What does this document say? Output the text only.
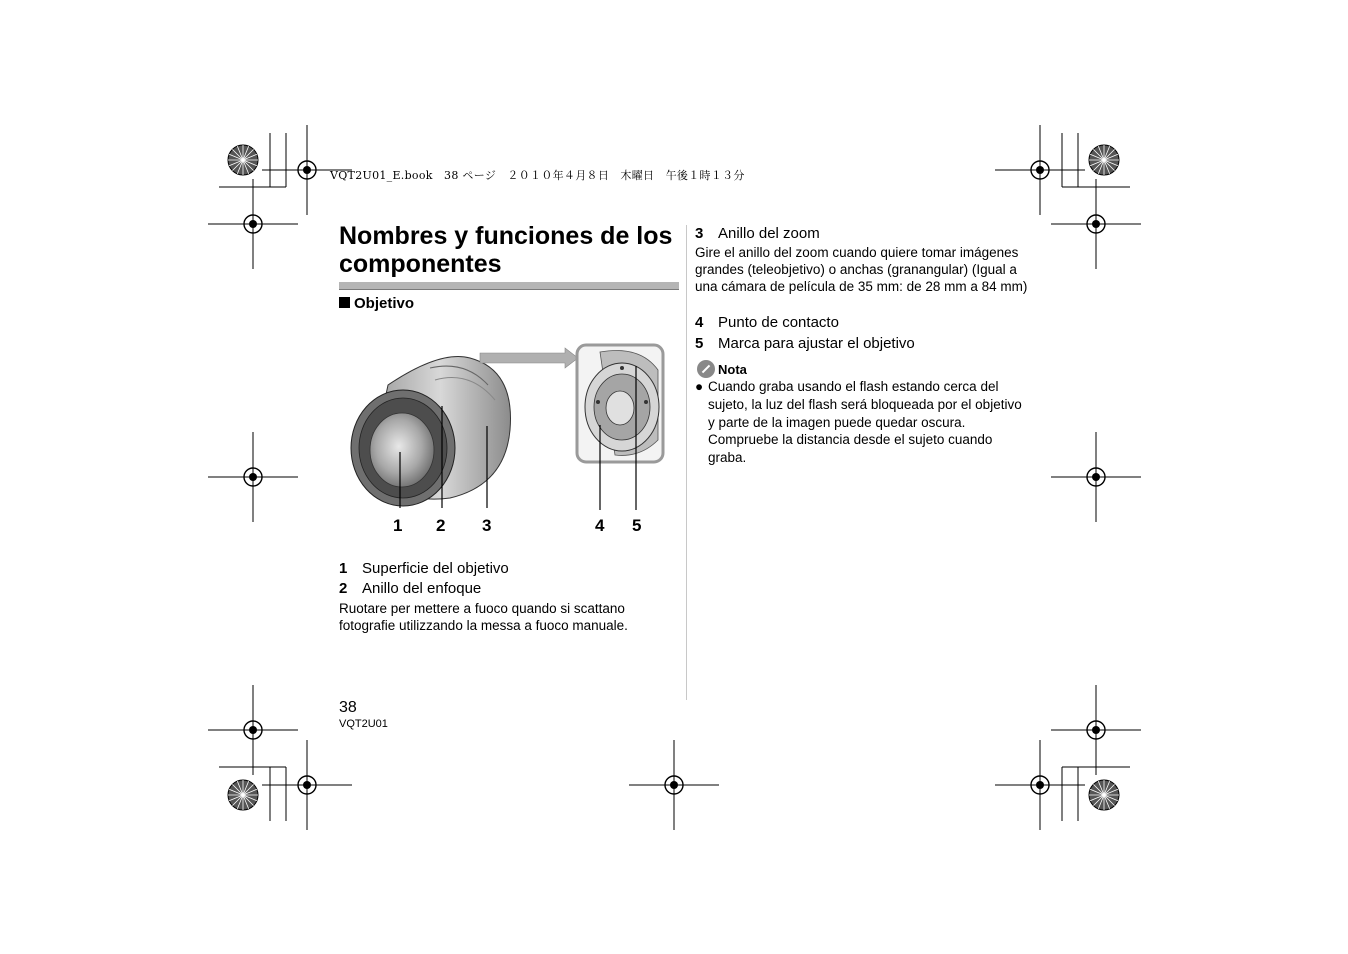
VQT2U01_E.book　38 ページ　２０１０年４月８日　木曜日　午後１時１３分
Nombres y funciones de los componentes
Objetivo
1 2 3	4 5
1 Superficie del objetivo
2 Anillo del enfoque
Ruotare per mettere a fuoco quando si scattano fotografie utilizzando la messa a fuoco manuale.
3 Anillo del zoom
Gire el anillo del zoom cuando quiere tomar imágenes grandes (teleobjetivo) o anchas (granangular) (Igual a una cámara de película de 35 mm: de 28 mm a 84 mm)
4 Punto de contacto
5 Marca para ajustar el objetivo
Nota
● Cuando graba usando el flash estando cerca del sujeto, la luz del flash será bloqueada por el objetivo y parte de la imagen puede quedar oscura. Compruebe la distancia desde el sujeto cuando graba.
38
VQT2U01
